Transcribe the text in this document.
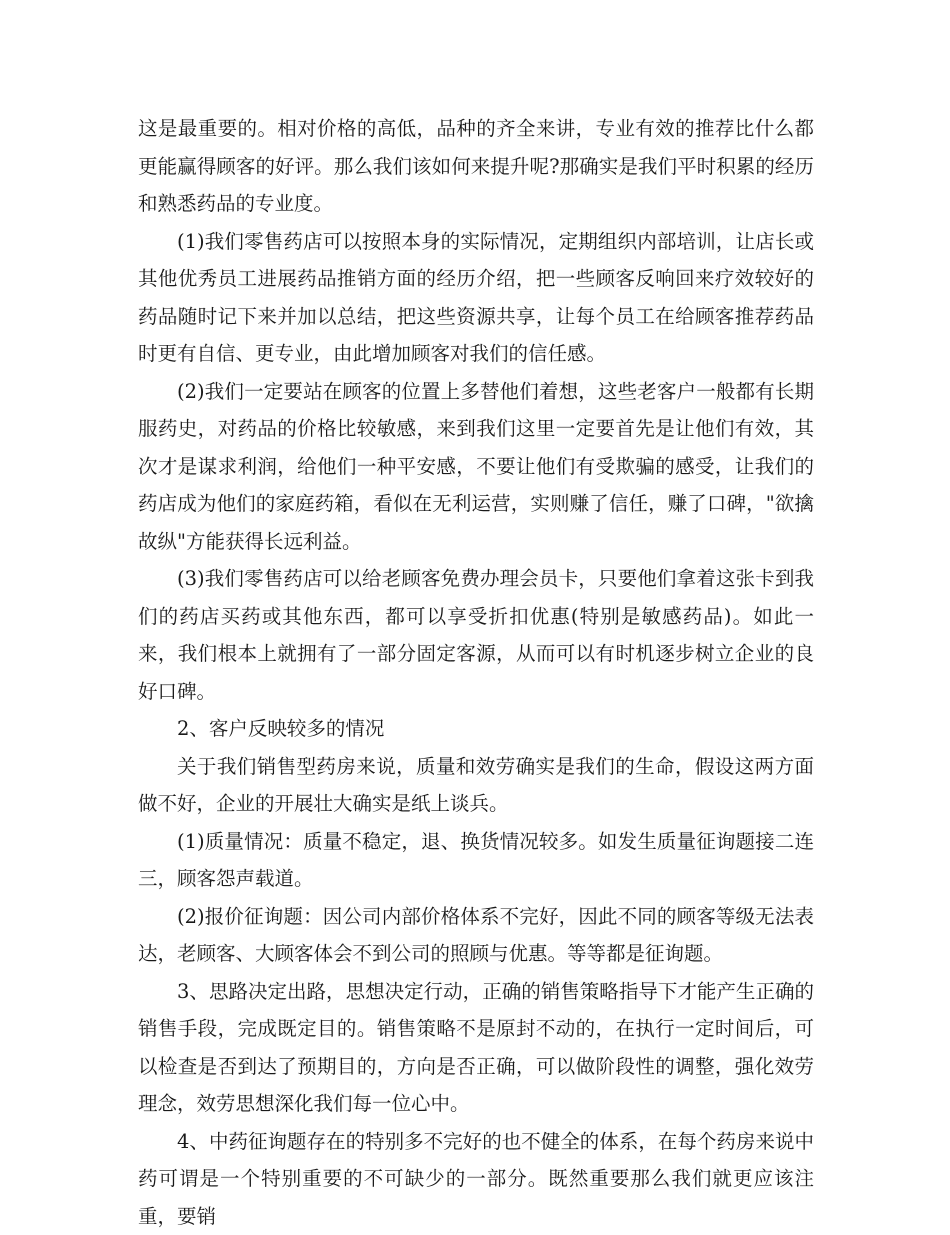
这是最重要的。相对价格的高低，品种的齐全来讲，专业有效的推荐比什么都更能赢得顾客的好评。那么我们该如何来提升呢?那确实是我们平时积累的经历和熟悉药品的专业度。

(1)我们零售药店可以按照本身的实际情况，定期组织内部培训，让店长或其他优秀员工进展药品推销方面的经历介绍，把一些顾客反响回来疗效较好的药品随时记下来并加以总结，把这些资源共享，让每个员工在给顾客推荐药品时更有自信、更专业，由此增加顾客对我们的信任感。

(2)我们一定要站在顾客的位置上多替他们着想，这些老客户一般都有长期服药史，对药品的价格比较敏感，来到我们这里一定要首先是让他们有效，其次才是谋求利润，给他们一种平安感，不要让他们有受欺骗的感受，让我们的药店成为他们的家庭药箱，看似在无利运营，实则赚了信任，赚了口碑，"欲擒故纵"方能获得长远利益。

(3)我们零售药店可以给老顾客免费办理会员卡，只要他们拿着这张卡到我们的药店买药或其他东西，都可以享受折扣优惠(特别是敏感药品)。如此一来，我们根本上就拥有了一部分固定客源，从而可以有时机逐步树立企业的良好口碑。

2、客户反映较多的情况

关于我们销售型药房来说，质量和效劳确实是我们的生命，假设这两方面做不好，企业的开展壮大确实是纸上谈兵。

(1)质量情况：质量不稳定，退、换货情况较多。如发生质量征询题接二连三，顾客怨声载道。

(2)报价征询题：因公司内部价格体系不完好，因此不同的顾客等级无法表达，老顾客、大顾客体会不到公司的照顾与优惠。等等都是征询题。

3、思路决定出路，思想决定行动，正确的销售策略指导下才能产生正确的销售手段，完成既定目的。销售策略不是原封不动的，在执行一定时间后，可以检查是否到达了预期目的，方向是否正确，可以做阶段性的调整，强化效劳理念，效劳思想深化我们每一位心中。

4、中药征询题存在的特别多不完好的也不健全的体系，在每个药房来说中药可谓是一个特别重要的不可缺少的一部分。既然重要那么我们就更应该注重，要销
